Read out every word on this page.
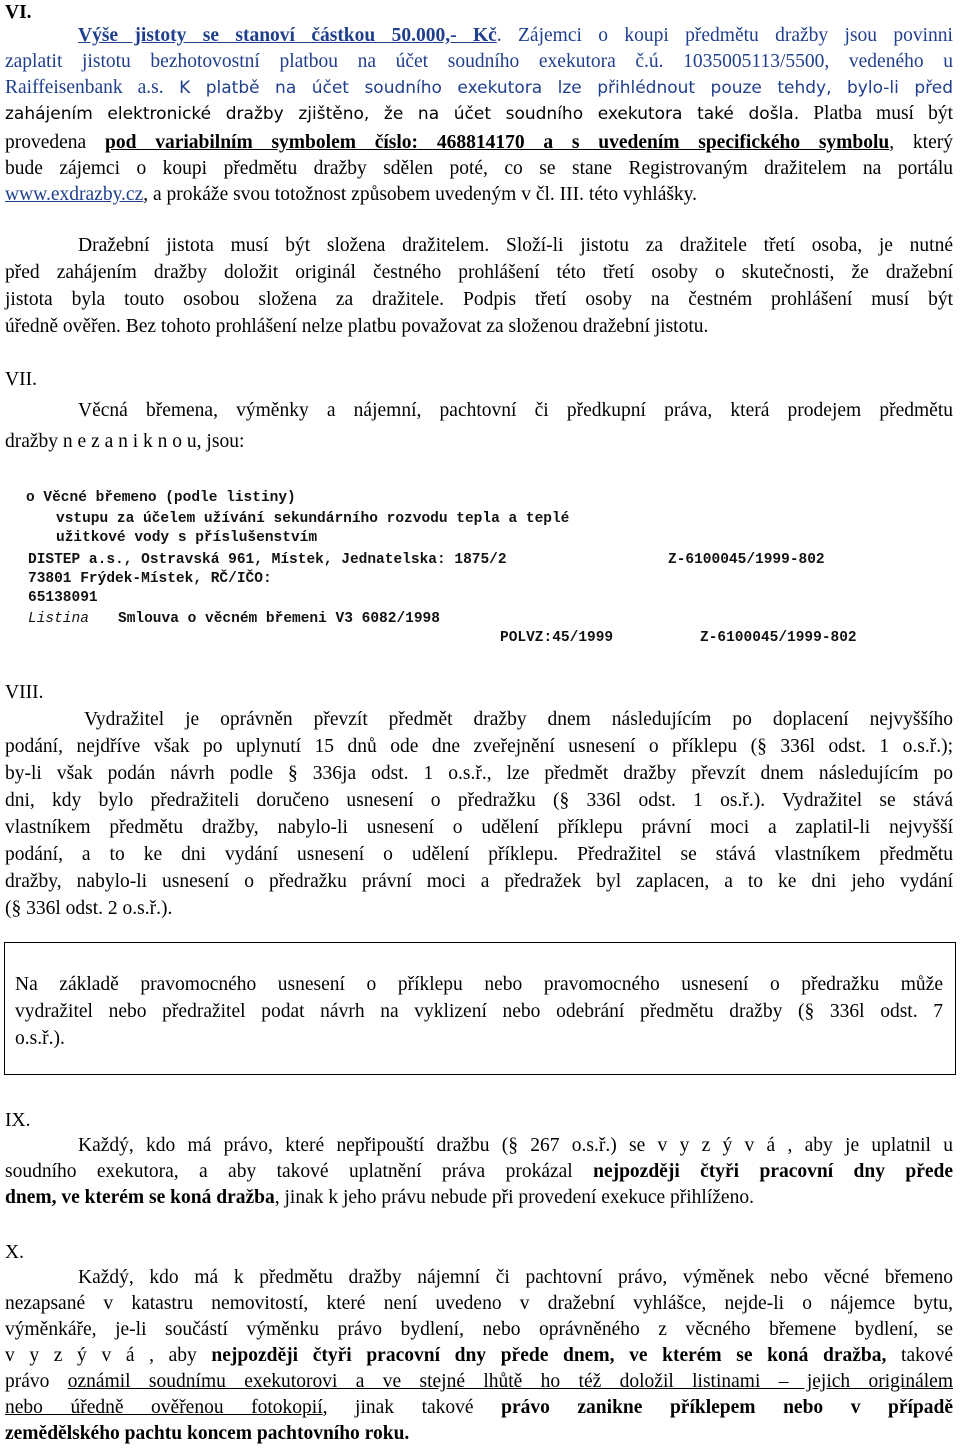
VI.
Výše jistoty se stanoví částkou 50.000,- Kč. Zájemci o koupi předmětu dražby jsou povinni
zaplatit jistotu bezhotovostní platbou na účet soudního exekutora č.ú. 1035005113/5500, vedeného u
Raiffeisenbank a.s. K platbě na účet soudního exekutora lze přihlédnout pouze tehdy, bylo-li před
zahájením elektronické dražby zjištěno, že na účet soudního exekutora také došla. Platba musí být
provedena pod variabilním symbolem číslo: 468814170 a s uvedením specifického symbolu, který
bude zájemci o koupi předmětu dražby sdělen poté, co se stane Registrovaným dražitelem na portálu
www.exdrazby.cz, a prokáže svou totožnost způsobem uvedeným v čl. III. této vyhlášky.
Dražební jistota musí být složena dražitelem. Složí-li jistotu za dražitele třetí osoba, je nutné
před zahájením dražby doložit originál čestného prohlášení této třetí osoby o skutečnosti, že dražební
jistota byla touto osobou složena za dražitele. Podpis třetí osoby na čestném prohlášení musí být
úředně ověřen. Bez tohoto prohlášení nelze platbu považovat za složenou dražební jistotu.
VII.
Věcná břemena, výměnky a nájemní, pachtovní či předkupní práva, která prodejem předmětu
dražby n e z a n i k n o u, jsou:
o Věcné břemeno (podle listiny)
vstupu za účelem užívání sekundárního rozvodu tepla a teplé
užitkové vody s příslušenstvím
DISTEP a.s., Ostravská 961, Místek, Jednatelska: 1875/2	Z-6100045/1999-802
73801 Frýdek-Místek, RČ/IČO:
65138091
Listina Smlouva o věcném břemeni V3 6082/1998
POLVZ:45/1999	Z-6100045/1999-802
VIII.
Vydražitel je oprávněn převzít předmět dražby dnem následujícím po doplacení nejvyššího
podání, nejdříve však po uplynutí 15 dnů ode dne zveřejnění usnesení o příklepu (§ 336l odst. 1 o.s.ř.);
by-li však podán návrh podle § 336ja odst. 1 o.s.ř., lze předmět dražby převzít dnem následujícím po
dni, kdy bylo předražiteli doručeno usnesení o předražku (§ 336l odst. 1 os.ř.). Vydražitel se stává
vlastníkem předmětu dražby, nabylo-li usnesení o udělení příklepu právní moci a zaplatil-li nejvyšší
podání, a to ke dni vydání usnesení o udělení příklepu. Předražitel se stává vlastníkem předmětu
dražby, nabylo-li usnesení o předražku právní moci a předražek byl zaplacen, a to ke dni jeho vydání
(§ 336l odst. 2 o.s.ř.).
Na základě pravomocného usnesení o příklepu nebo pravomocného usnesení o předražku může
vydražitel nebo předražitel podat návrh na vyklizení nebo odebrání předmětu dražby (§ 336l odst. 7
o.s.ř.).
IX.
Každý, kdo má právo, které nepřipouští dražbu (§ 267 o.s.ř.) se v y z ý v á , aby je uplatnil u
soudního exekutora, a aby takové uplatnění práva prokázal nejpozději čtyři pracovní dny přede
dnem, ve kterém se koná dražba, jinak k jeho právu nebude při provedení exekuce přihlíženo.
X.
Každý, kdo má k předmětu dražby nájemní či pachtovní právo, výměnek nebo věcné břemeno
nezapsané v katastru nemovitostí, které není uvedeno v dražební vyhlášce, nejde-li o nájemce bytu,
výměnkáře, je-li součástí výměnku právo bydlení, nebo oprávněného z věcného břemene bydlení, se
v y z ý v á , aby nejpozději čtyři pracovní dny přede dnem, ve kterém se koná dražba, takové
právo oznámil soudnímu exekutorovi a ve stejné lhůtě ho též doložil listinami – jejich originálem
nebo úředně ověřenou fotokopií, jinak takové právo zanikne příklepem nebo v případě
zemědělského pachtu koncem pachtovního roku.
